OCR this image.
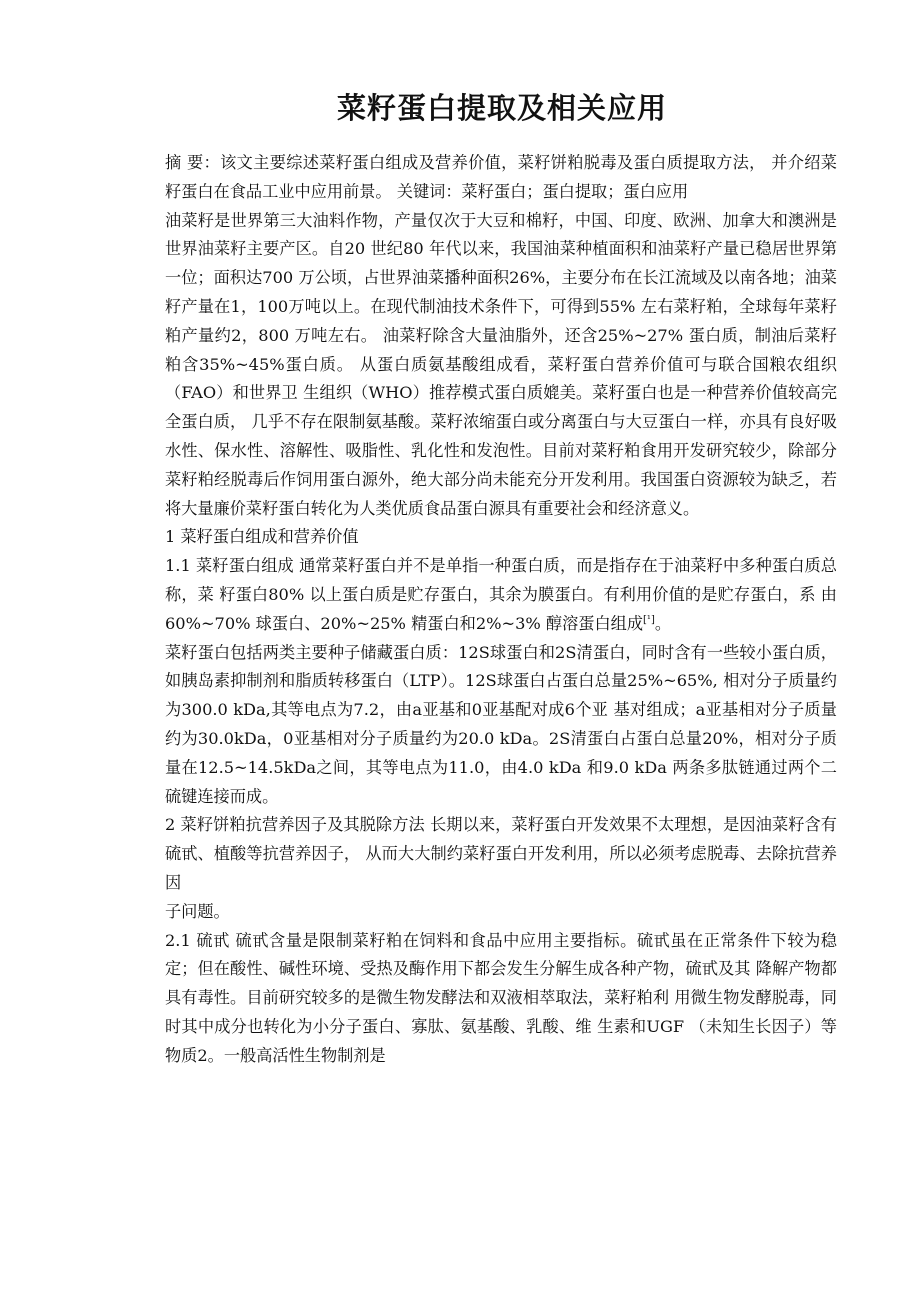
菜籽蛋白提取及相关应用

摘 要：该文主要综述菜籽蛋白组成及营养价值，菜籽饼粕脱毒及蛋白质提取方法， 并介绍菜籽蛋白在食品工业中应用前景。 关键词：菜籽蛋白；蛋白提取；蛋白应用

油菜籽是世界第三大油料作物，产量仅次于大豆和棉籽，中国、印度、欧洲、加拿大和澳洲是世界油菜籽主要产区。自20 世纪80 年代以来，我国油菜种植面积和油菜籽产量已稳居世界第一位；面积达700 万公顷，占世界油菜播种面积26%，主要分布在长江流域及以南各地；油菜籽产量在1，100万吨以上。在现代制油技术条件下，可得到55% 左右菜籽粕，全球每年菜籽粕产量约2，800 万吨左右。 油菜籽除含大量油脂外，还含25%~27% 蛋白质，制油后菜籽粕含35%~45%蛋白质。 从蛋白质氨基酸组成看，菜籽蛋白营养价值可与联合国粮农组织（FAO）和世界卫 生组织（WHO）推荐模式蛋白质媲美。菜籽蛋白也是一种营养价值较高完全蛋白质， 几乎不存在限制氨基酸。菜籽浓缩蛋白或分离蛋白与大豆蛋白一样，亦具有良好吸 水性、保水性、溶解性、吸脂性、乳化性和发泡性。目前对菜籽粕食用开发研究较少，除部分菜籽粕经脱毒后作饲用蛋白源外，绝大部分尚未能充分开发利用。我国蛋白资源较为缺乏，若将大量廉价菜籽蛋白转化为人类优质食品蛋白源具有重要社会和经济意义。

1 菜籽蛋白组成和营养价值

1.1 菜籽蛋白组成 通常菜籽蛋白并不是单指一种蛋白质，而是指存在于油菜籽中多种蛋白质总称，菜 籽蛋白80% 以上蛋白质是贮存蛋白，其余为膜蛋白。有利用价值的是贮存蛋白，系 由60%~70% 球蛋白、20%~25% 精蛋白和2%~3% 醇溶蛋白组成[¹]。

菜籽蛋白包括两类主要种子储藏蛋白质：12S球蛋白和2S清蛋白，同时含有一些较小蛋白质，如胰岛素抑制剂和脂质转移蛋白（LTP）。12S球蛋白占蛋白总量25%~65%, 相对分子质量约为300.0 kDa,其等电点为7.2，由a亚基和0亚基配对成6个亚 基对组成；a亚基相对分子质量约为30.0kDa，0亚基相对分子质量约为20.0 kDa。2S清蛋白占蛋白总量20%，相对分子质量在12.5~14.5kDa之间，其等电点为11.0，由4.0 kDa 和9.0 kDa 两条多肽链通过两个二硫键连接而成。

2 菜籽饼粕抗营养因子及其脱除方法 长期以来，菜籽蛋白开发效果不太理想，是因油菜籽含有硫甙、植酸等抗营养因子， 从而大大制约菜籽蛋白开发利用，所以必须考虑脱毒、去除抗营养因

子问题。

2.1 硫甙 硫甙含量是限制菜籽粕在饲料和食品中应用主要指标。硫甙虽在正常条件下较为稳 定；但在酸性、碱性环境、受热及酶作用下都会发生分解生成各种产物，硫甙及其 降解产物都具有毒性。目前研究较多的是微生物发酵法和双液相萃取法，菜籽粕利 用微生物发酵脱毒，同时其中成分也转化为小分子蛋白、寡肽、氨基酸、乳酸、维 生素和UGF （未知生长因子）等物质2。一般高活性生物制剂是
